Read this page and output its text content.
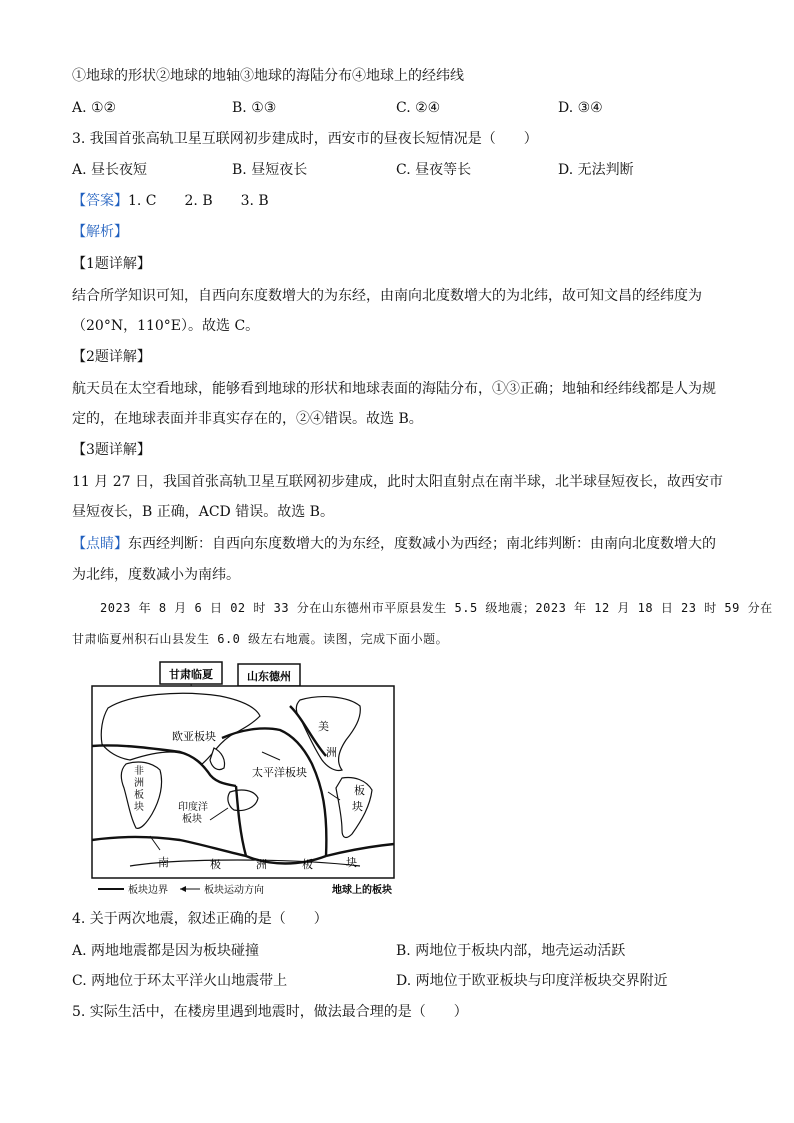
①地球的形状②地球的地轴③地球的海陆分布④地球上的经纬线
A. ①②	B. ①③	C. ②④	D. ③④
3. 我国首张高轨卫星互联网初步建成时，西安市的昼夜长短情况是（　　）
A. 昼长夜短	B. 昼短夜长	C. 昼夜等长	D. 无法判断
【答案】1. C　　2. B　　3. B
【解析】
【1题详解】
结合所学知识可知，自西向东度数增大的为东经，由南向北度数增大的为北纬，故可知文昌的经纬度为
（20°N，110°E）。故选 C。
【2题详解】
航天员在太空看地球，能够看到地球的形状和地球表面的海陆分布，①③正确；地轴和经纬线都是人为规
定的，在地球表面并非真实存在的，②④错误。故选 B。
【3题详解】
11 月 27 日，我国首张高轨卫星互联网初步建成，此时太阳直射点在南半球，北半球昼短夜长，故西安市
昼短夜长，B 正确，ACD 错误。故选 B。
【点睛】东西经判断：自西向东度数增大的为东经，度数减小为西经；南北纬判断：由南向北度数增大的
为北纬，度数减小为南纬。
2023 年 8 月 6 日 02 时 33 分在山东德州市平原县发生 5.5 级地震；2023 年 12 月 18 日 23 时 59 分在
甘肃临夏州积石山县发生 6.0 级左右地震。读图，完成下面小题。
甘肃临夏	山东德州
欧亚板块
非
洲
板
块	印度洋
板块
太平洋板块
美
洲
板
块
南	极	洲	板	块
板块边界	板块运动方向	地球上的板块
4. 关于两次地震，叙述正确的是（　　）
A. 两地地震都是因为板块碰撞	B. 两地位于板块内部，地壳运动活跃
C. 两地位于环太平洋火山地震带上	D. 两地位于欧亚板块与印度洋板块交界附近
5. 实际生活中，在楼房里遇到地震时，做法最合理的是（　　）
